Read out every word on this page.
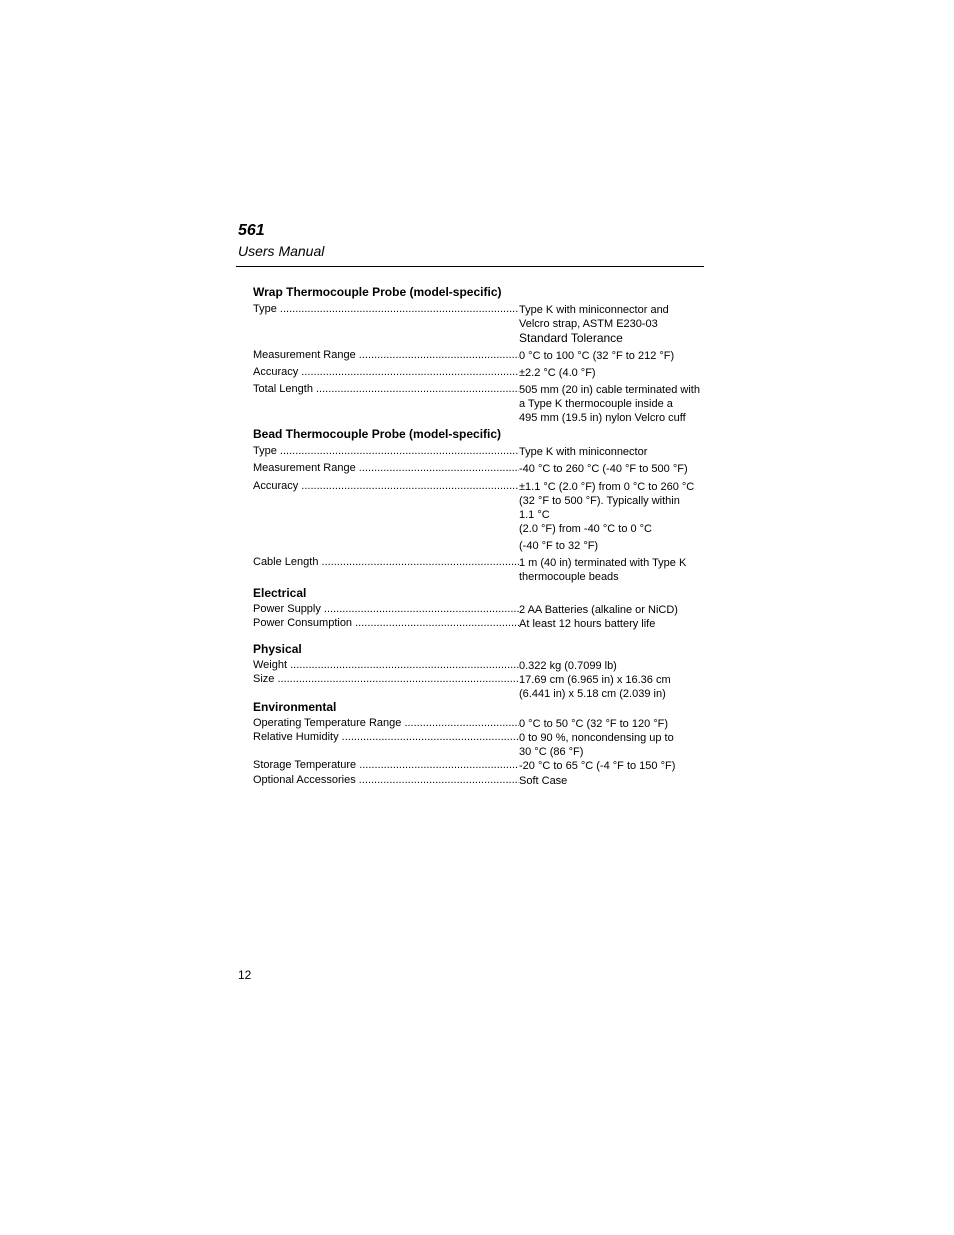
561
Users Manual
Wrap Thermocouple Probe (model-specific)
Type .....	Type K with miniconnector and
Velcro strap, ASTM E230-03
Standard Tolerance
Measurement Range .....	0 °C to 100 °C (32 °F to 212 °F)
Accuracy .....	±2.2 °C (4.0 °F)
Total Length .....	505 mm (20 in) cable terminated with
a Type K thermocouple inside a
495 mm (19.5 in) nylon Velcro cuff
Bead Thermocouple Probe (model-specific)
Type .....	Type K with miniconnector
Measurement Range .....	-40 °C to 260 °C (-40 °F to 500 °F)
Accuracy .....	±1.1 °C (2.0 °F) from 0 °C to 260 °C
(32 °F to 500 °F). Typically within
1.1 °C
(2.0 °F) from -40 °C to 0 °C
(-40 °F to 32 °F)
Cable Length .....	1 m (40 in) terminated with Type K
thermocouple beads
Electrical
Power Supply .....	2 AA Batteries (alkaline or NiCD)
Power Consumption .....	At least 12 hours battery life
Physical
Weight .....	0.322 kg (0.7099 lb)
Size .....	17.69 cm (6.965 in) x 16.36 cm
(6.441 in) x 5.18 cm (2.039 in)
Environmental
Operating Temperature Range .....	0 °C to 50 °C (32 °F to 120 °F)
Relative Humidity .....	0 to 90 %, noncondensing up to
30 °C (86 °F)
Storage Temperature .....	-20 °C to 65 °C (-4 °F to 150 °F)
Optional Accessories .....	Soft Case
12
